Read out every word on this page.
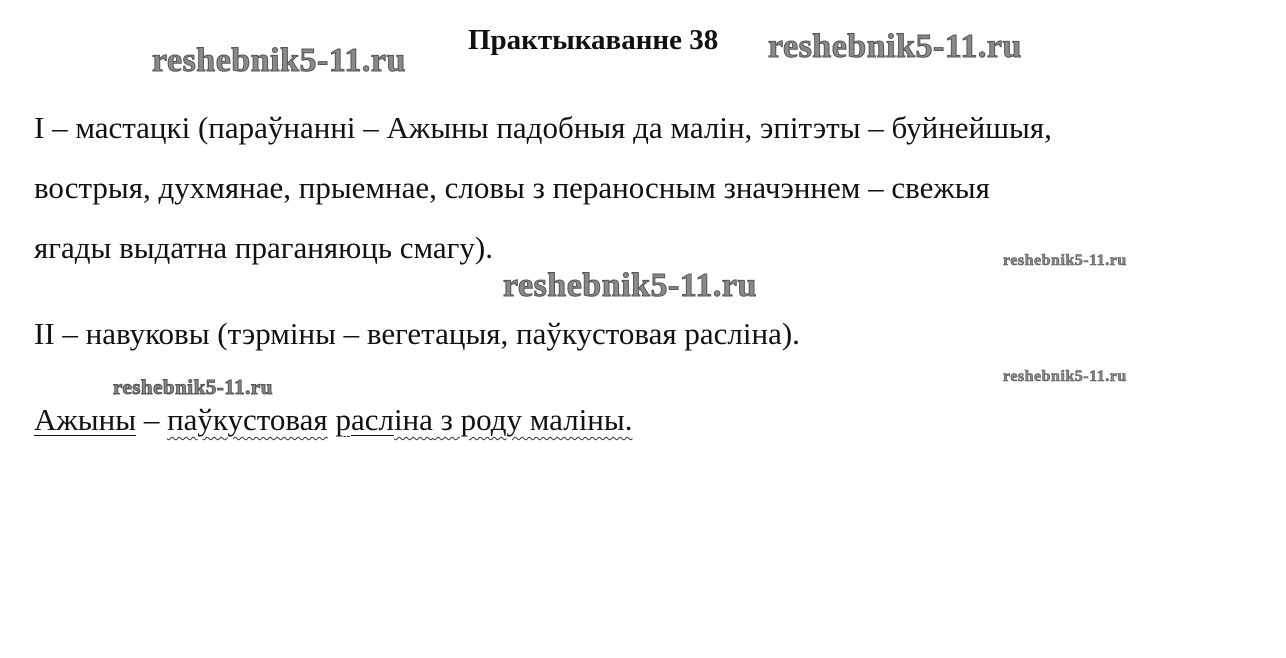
Практыкаванне 38
reshebnik5-11.ru	reshebnik5-11.ru
I – мастацкі (параўнанні – Ажыны падобныя да малін, эпітэты – буйнейшыя,
вострыя, духмянае, прыемнае, словы з пераносным значэннем – свежыя
ягады выдатна праганяюць смагу).	reshebnik5-11.ru
reshebnik5-11.ru
II – навуковы (тэрміны – вегетацыя, паўкустовая расліна).
reshebnik5-11.ru	reshebnik5-11.ru
Ажыны – паўкустовая расліна з роду маліны.
